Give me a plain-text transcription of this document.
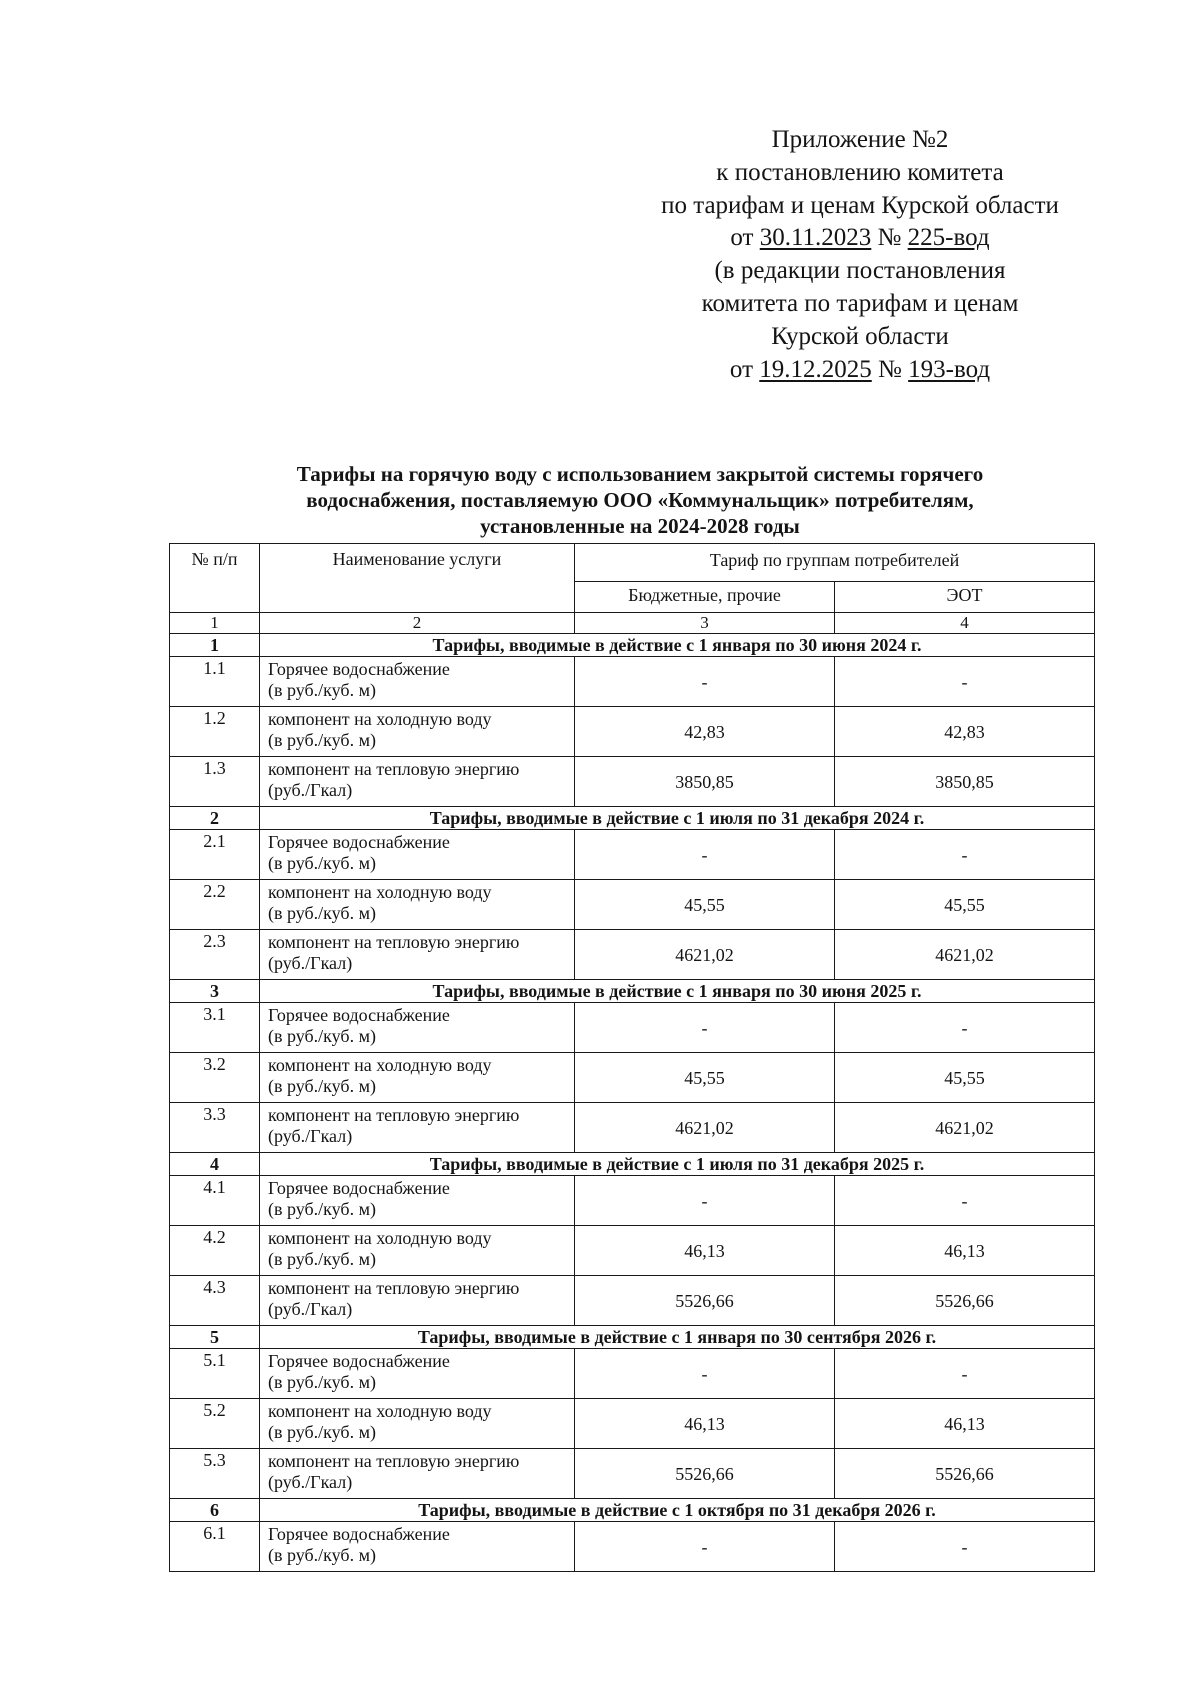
Приложение №2
к постановлению комитета
по тарифам и ценам Курской области
от 30.11.2023 № 225-вод
(в редакции постановления
комитета по тарифам и ценам
Курской области
от 19.12.2025 № 193-вод
Тарифы на горячую воду с использованием закрытой системы горячего
водоснабжения, поставляемую ООО «Коммунальщик» потребителям,
установленные на 2024-2028 годы
№ п/п	Наименование услуги	Тариф по группам потребителей	
		Бюджетные, прочие	ЭОТ
1	2	3	4
1	Тарифы, вводимые в действие с 1 января по 30 июня 2024 г.		
1.1	Горячее водоснабжение
(в руб./куб. м)	-	-
1.2	компонент на холодную воду
(в руб./куб. м)	42,83	42,83
1.3	компонент на тепловую энергию
(руб./Гкал)	3850,85	3850,85
2	Тарифы, вводимые в действие с 1 июля по 31 декабря 2024 г.		
2.1	Горячее водоснабжение
(в руб./куб. м)	-	-
2.2	компонент на холодную воду
(в руб./куб. м)	45,55	45,55
2.3	компонент на тепловую энергию
(руб./Гкал)	4621,02	4621,02
3	Тарифы, вводимые в действие с 1 января по 30 июня 2025 г.		
3.1	Горячее водоснабжение
(в руб./куб. м)	-	-
3.2	компонент на холодную воду
(в руб./куб. м)	45,55	45,55
3.3	компонент на тепловую энергию
(руб./Гкал)	4621,02	4621,02
4	Тарифы, вводимые в действие с 1 июля по 31 декабря 2025 г.		
4.1	Горячее водоснабжение
(в руб./куб. м)	-	-
4.2	компонент на холодную воду
(в руб./куб. м)	46,13	46,13
4.3	компонент на тепловую энергию
(руб./Гкал)	5526,66	5526,66
5	Тарифы, вводимые в действие с 1 января по 30 сентября 2026 г.		
5.1	Горячее водоснабжение
(в руб./куб. м)	-	-
5.2	компонент на холодную воду
(в руб./куб. м)	46,13	46,13
5.3	компонент на тепловую энергию
(руб./Гкал)	5526,66	5526,66
6	Тарифы, вводимые в действие с 1 октября по 31 декабря 2026 г.		
6.1	Горячее водоснабжение
(в руб./куб. м)	-	-
